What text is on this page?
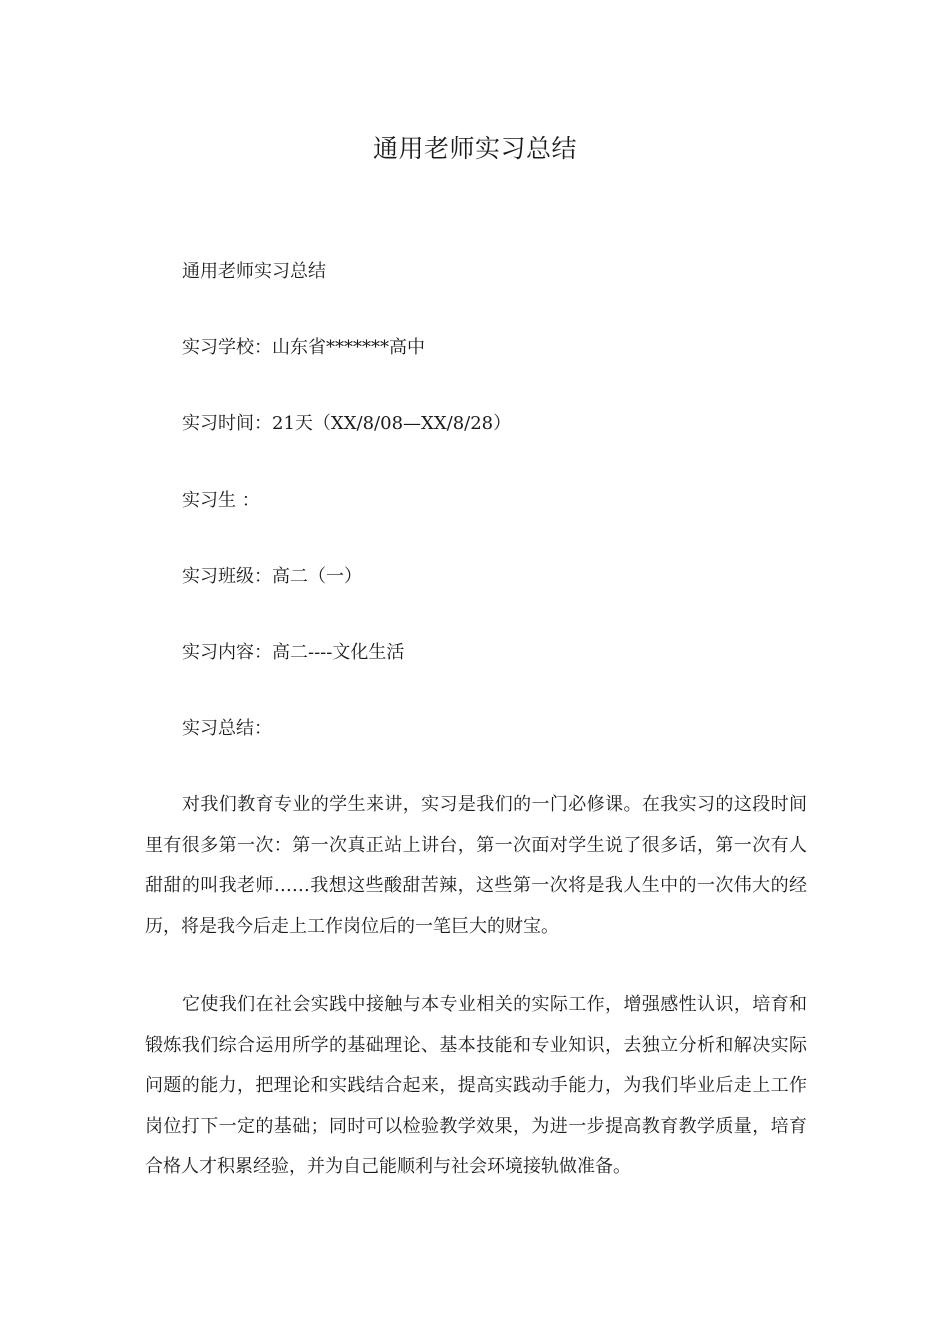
通用老师实习总结
通用老师实习总结
实习学校：山东省*******高中
实习时间：21天（XX/8/08—XX/8/28）
实习生 ：
实习班级：高二（一）
实习内容：高二----文化生活
实习总结：
对我们教育专业的学生来讲，实习是我们的一门必修课。在我实习的这段时间里有很多第一次：第一次真正站上讲台，第一次面对学生说了很多话，第一次有人甜甜的叫我老师……我想这些酸甜苦辣，这些第一次将是我人生中的一次伟大的经历，将是我今后走上工作岗位后的一笔巨大的财宝。
它使我们在社会实践中接触与本专业相关的实际工作，增强感性认识，培育和锻炼我们综合运用所学的基础理论、基本技能和专业知识，去独立分析和解决实际问题的能力，把理论和实践结合起来，提高实践动手能力，为我们毕业后走上工作岗位打下一定的基础；同时可以检验教学效果，为进一步提高教育教学质量，培育合格人才积累经验，并为自己能顺利与社会环境接轨做准备。
